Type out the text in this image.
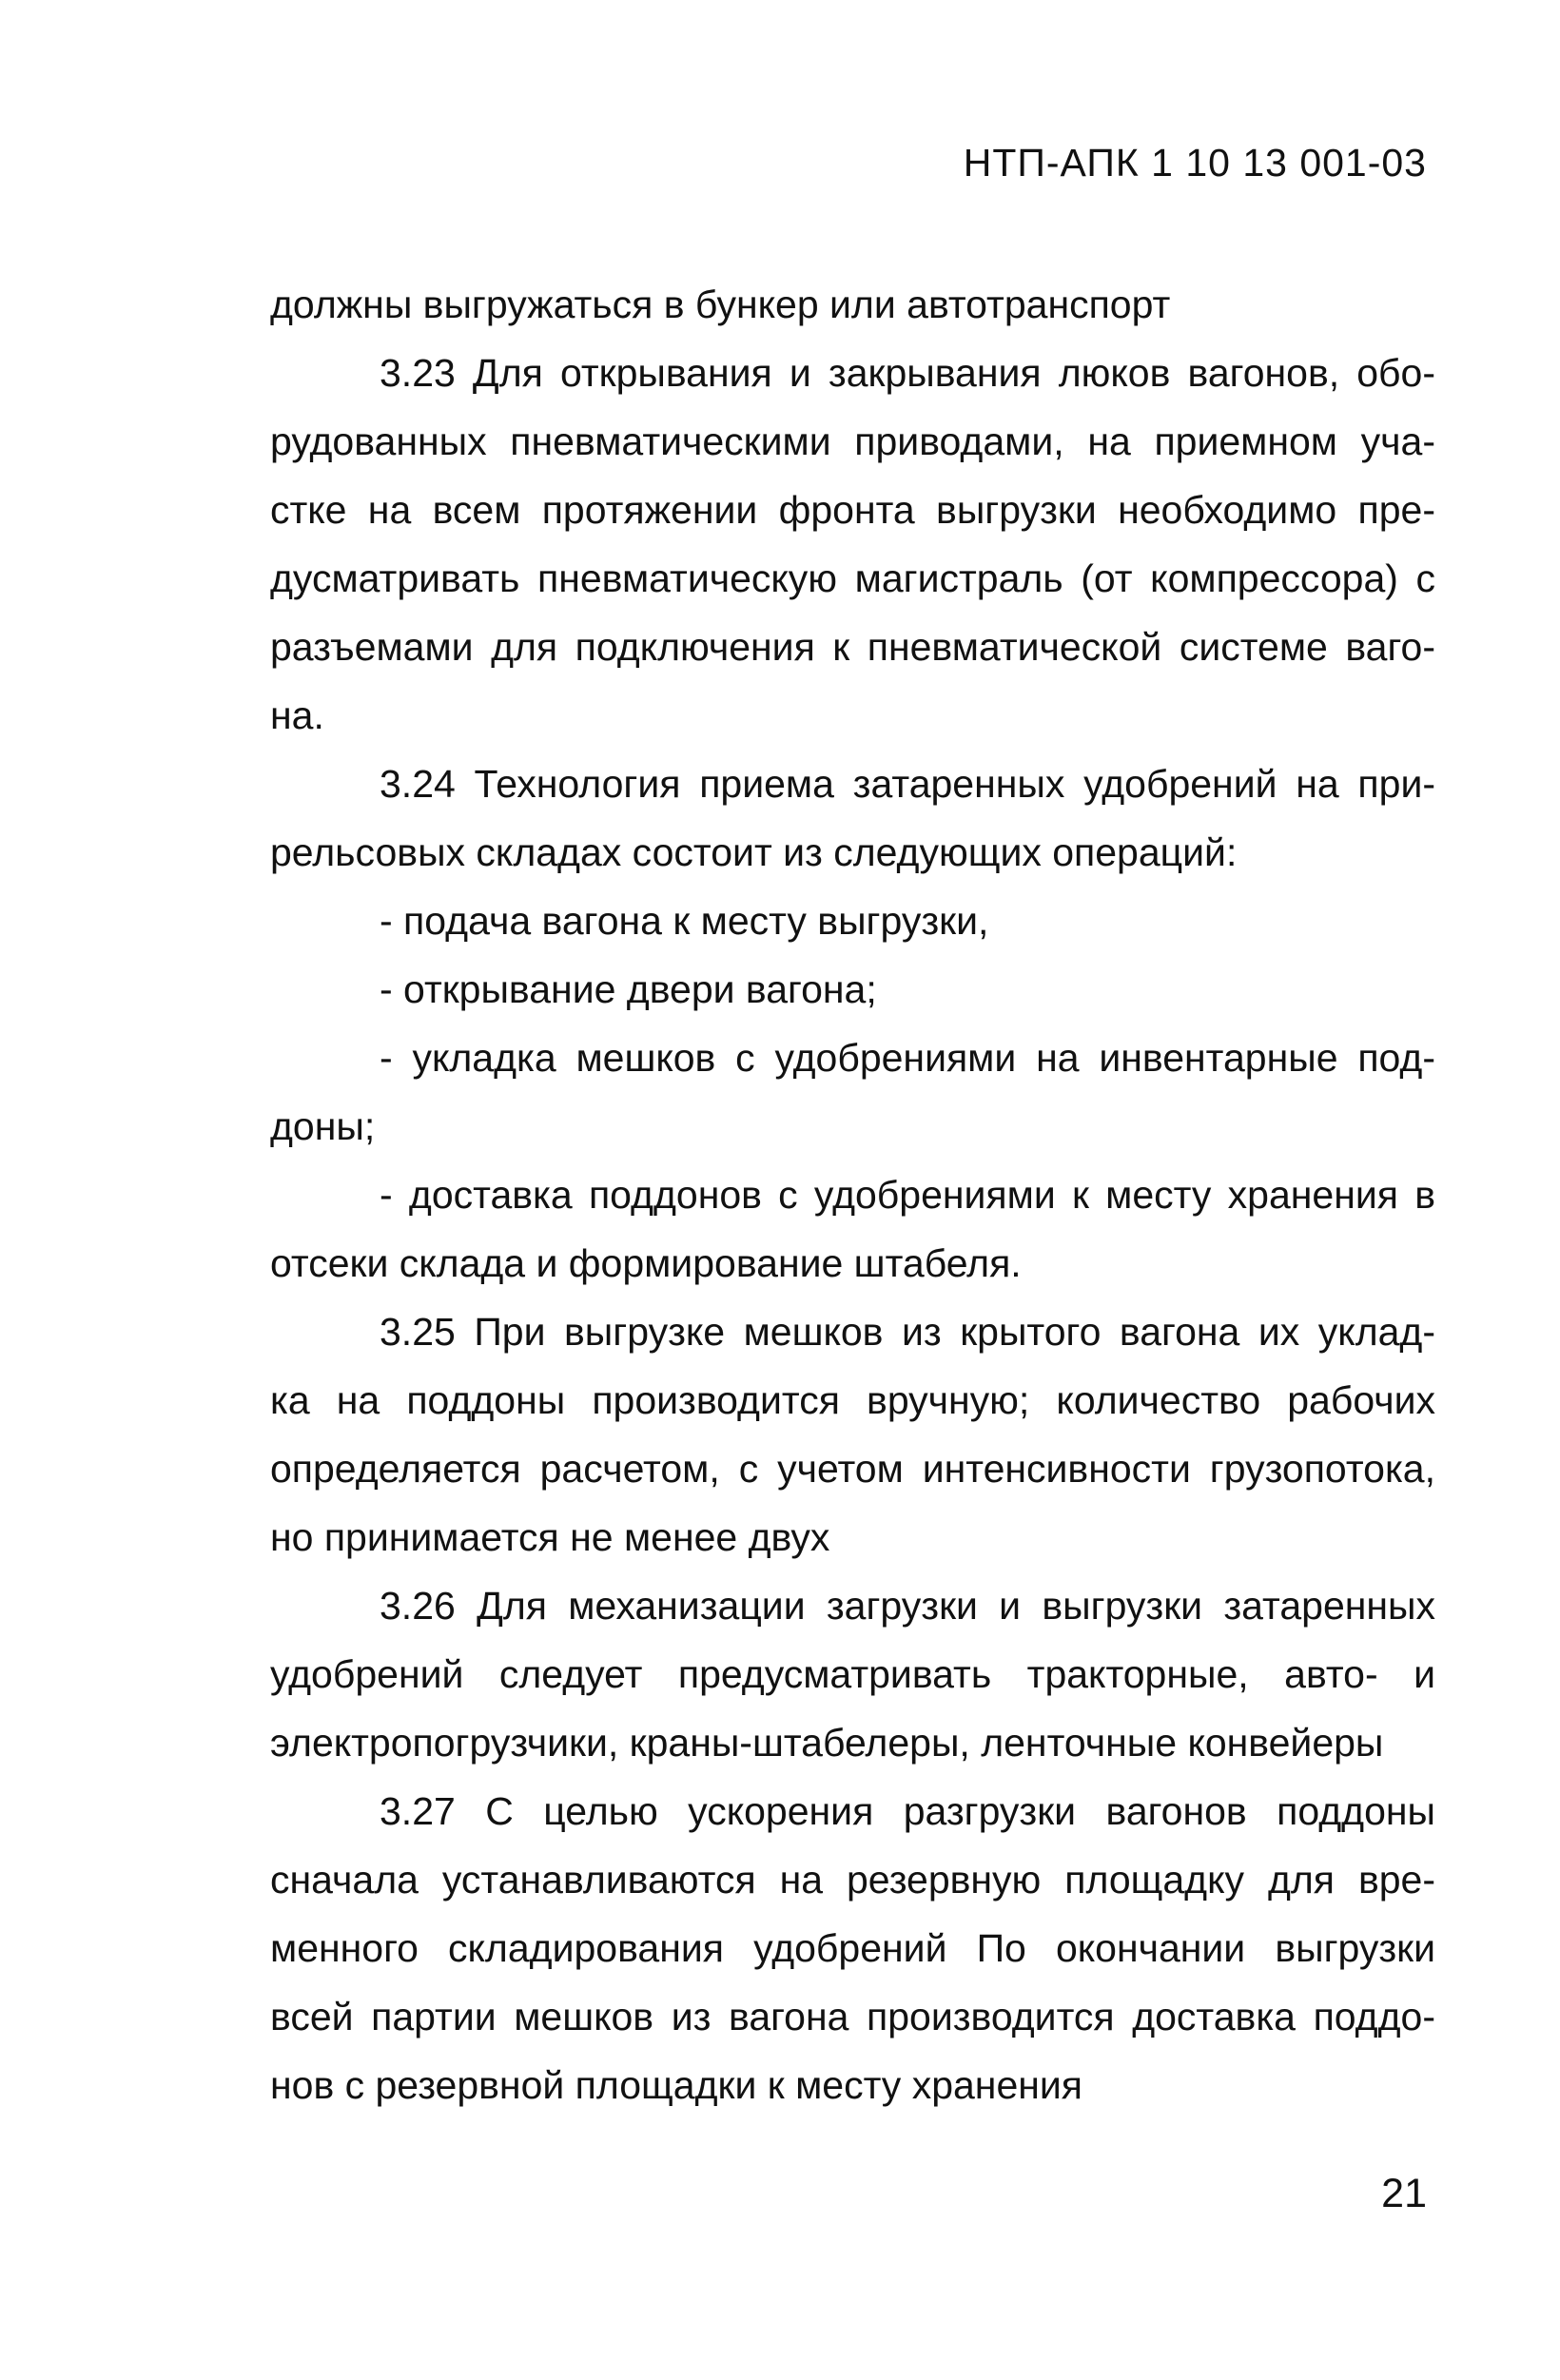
НТП-АПК 1 10 13 001-03
должны выгружаться в бункер или автотранспорт
3.23 Для открывания и закрывания люков вагонов, обо-
рудованных пневматическими приводами, на приемном уча-
стке на всем протяжении фронта выгрузки необходимо пре-
дусматривать пневматическую магистраль (от компрессора) с
разъемами для подключения к пневматической системе ваго-
на.
3.24 Технология приема затаренных удобрений на при-
рельсовых складах состоит из следующих операций:
- подача вагона к месту выгрузки,
- открывание двери вагона;
- укладка мешков с удобрениями на инвентарные под-
доны;
- доставка поддонов с удобрениями к месту хранения в
отсеки склада и формирование штабеля.
3.25 При выгрузке мешков из крытого вагона их уклад-
ка на поддоны производится вручную; количество рабочих
определяется расчетом, с учетом интенсивности грузопотока,
но принимается не менее двух
3.26 Для механизации загрузки и выгрузки затаренных
удобрений следует предусматривать тракторные, авто- и
электропогрузчики, краны-штабелеры, ленточные конвейеры
3.27 С целью ускорения разгрузки вагонов поддоны
сначала устанавливаются на резервную площадку для вре-
менного складирования удобрений По окончании выгрузки
всей партии мешков из вагона производится доставка поддо-
нов с резервной площадки к месту хранения
21
